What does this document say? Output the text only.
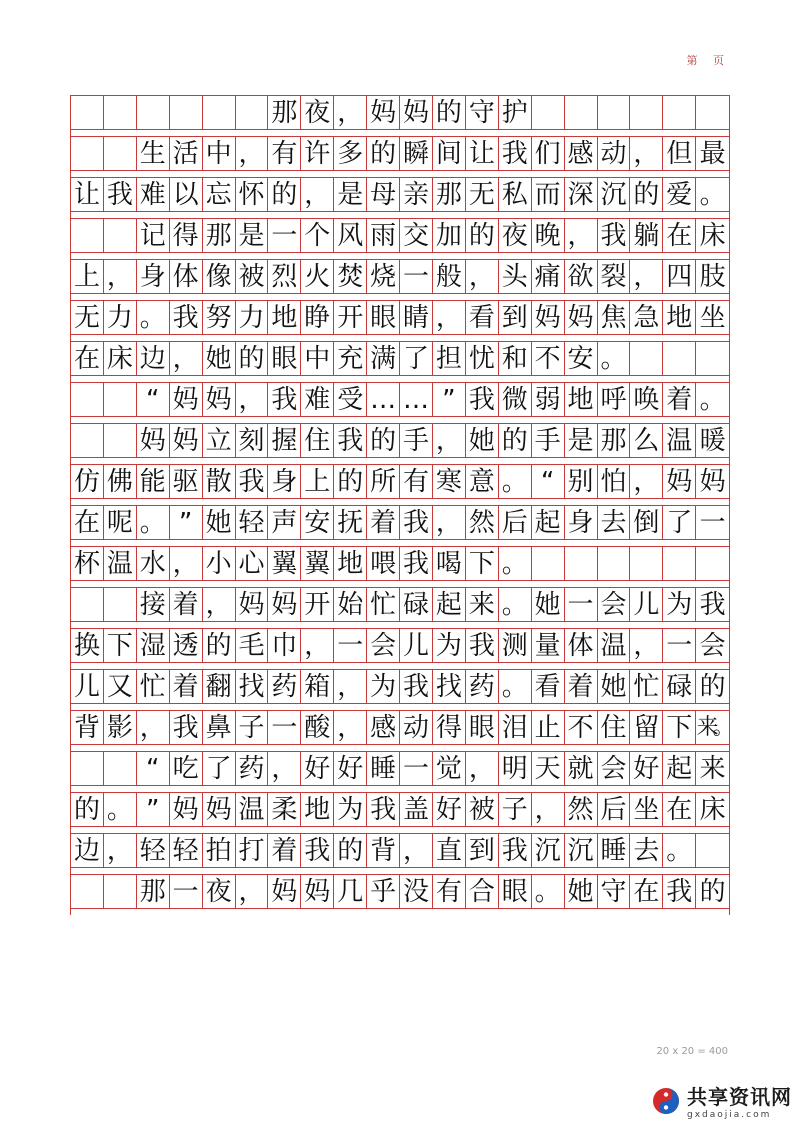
第 页
那 夜 ， 妈 妈 的 守 护
生 活 中 ， 有 许 多 的 瞬 间 让 我 们 感 动 ， 但 最
让 我 难 以 忘 怀 的 ， 是 母 亲 那 无 私 而 深 沉 的 爱 。
记 得 那 是 一 个 风 雨 交 加 的 夜 晚 ， 我 躺 在 床
上 ， 身 体 像 被 烈 火 焚 烧 一 般 ， 头 痛 欲 裂 ， 四 肢
无 力 。 我 努 力 地 睁 开 眼 睛 ， 看 到 妈 妈 焦 急 地 坐
在 床 边 ， 她 的 眼 中 充 满 了 担 忧 和 不 安 。
“ 妈 妈 ， 我 难 受 … … ” 我 微 弱 地 呼 唤 着 。
妈 妈 立 刻 握 住 我 的 手 ， 她 的 手 是 那 么 温 暖
仿 佛 能 驱 散 我 身 上 的 所 有 寒 意 。 “ 别 怕 ， 妈 妈
在 呢 。 ” 她 轻 声 安 抚 着 我 ， 然 后 起 身 去 倒 了 一
杯 温 水 ， 小 心 翼 翼 地 喂 我 喝 下 。
接 着 ， 妈 妈 开 始 忙 碌 起 来 。 她 一 会 儿 为 我
换 下 湿 透 的 毛 巾 ， 一 会 儿 为 我 测 量 体 温 ， 一 会
儿 又 忙 着 翻 找 药 箱 ， 为 我 找 药 。 看 着 她 忙 碌 的
背 影 ， 我 鼻 子 一 酸 ， 感 动 得 眼 泪 止 不 住 留 下 来。
“ 吃 了 药 ， 好 好 睡 一 觉 ， 明 天 就 会 好 起 来
的 。 ” 妈 妈 温 柔 地 为 我 盖 好 被 子 ， 然 后 坐 在 床
边 ， 轻 轻 拍 打 着 我 的 背 ， 直 到 我 沉 沉 睡 去 。
那 一 夜 ， 妈 妈 几 乎 没 有 合 眼 。 她 守 在 我 的
20 x 20 = 400
共享资讯网
gxdaojia.com
